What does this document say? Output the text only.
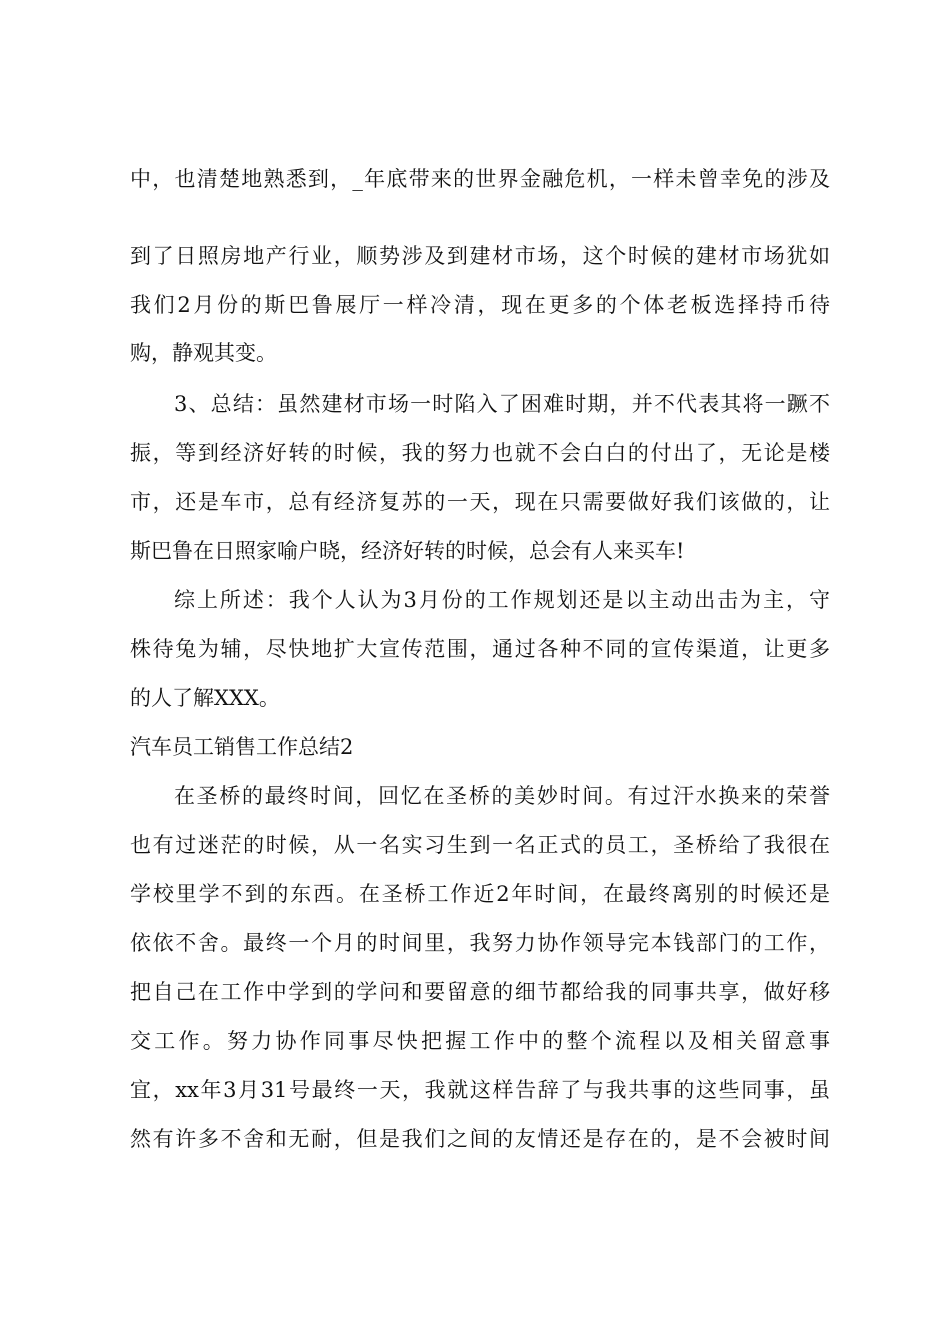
中，也清楚地熟悉到，_年底带来的世界金融危机，一样未曾幸免的涉及
到了日照房地产行业，顺势涉及到建材市场，这个时候的建材市场犹如
我们2月份的斯巴鲁展厅一样冷清，现在更多的个体老板选择持币待
购，静观其变。
3、总结：虽然建材市场一时陷入了困难时期，并不代表其将一蹶不
振，等到经济好转的时候，我的努力也就不会白白的付出了，无论是楼
市，还是车市，总有经济复苏的一天，现在只需要做好我们该做的，让
斯巴鲁在日照家喻户晓，经济好转的时候，总会有人来买车!
综上所述：我个人认为3月份的工作规划还是以主动出击为主，守
株待兔为辅，尽快地扩大宣传范围，通过各种不同的宣传渠道，让更多
的人了解XXX。
汽车员工销售工作总结2
在圣桥的最终时间，回忆在圣桥的美妙时间。有过汗水换来的荣誉
也有过迷茫的时候，从一名实习生到一名正式的员工，圣桥给了我很在
学校里学不到的东西。在圣桥工作近2年时间，在最终离别的时候还是
依依不舍。最终一个月的时间里，我努力协作领导完本钱部门的工作，
把自己在工作中学到的学问和要留意的细节都给我的同事共享，做好移
交工作。努力协作同事尽快把握工作中的整个流程以及相关留意事
宜，xx年3月31号最终一天，我就这样告辞了与我共事的这些同事，虽
然有许多不舍和无耐，但是我们之间的友情还是存在的，是不会被时间
